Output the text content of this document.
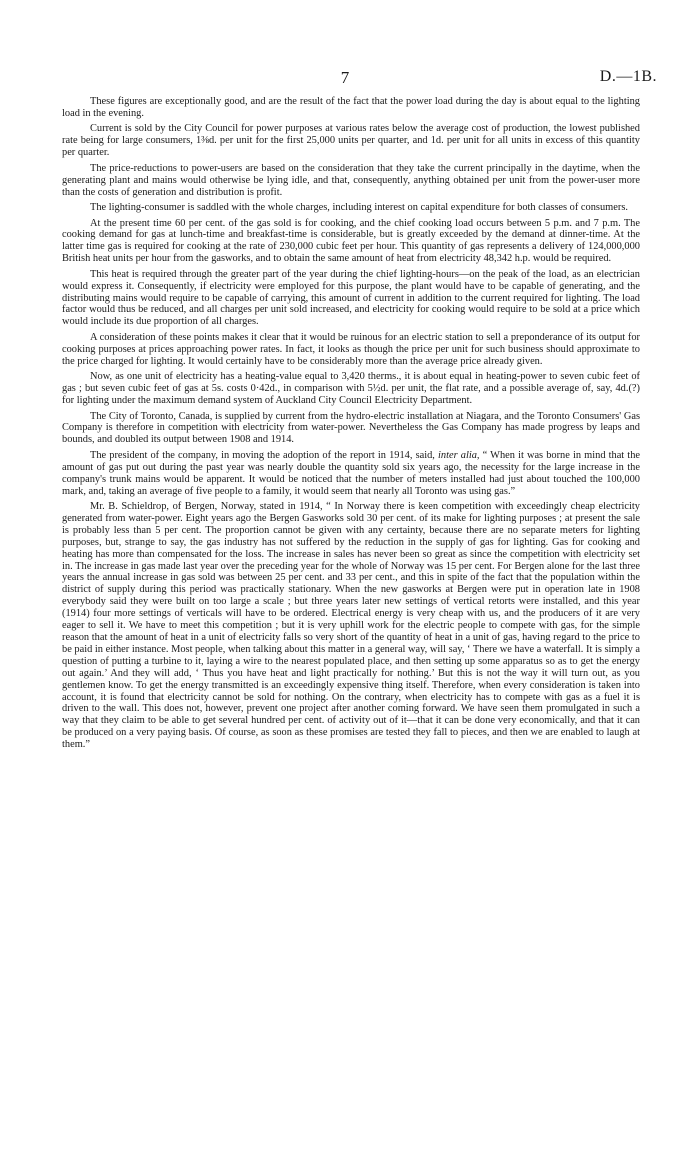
7	D.—1B.

These figures are exceptionally good, and are the result of the fact that the power load during the day is about equal to the lighting load in the evening.

Current is sold by the City Council for power purposes at various rates below the average cost of production, the lowest published rate being for large consumers, 1⅜d. per unit for the first 25,000 units per quarter, and 1d. per unit for all units in excess of this quantity per quarter.

The price-reductions to power-users are based on the consideration that they take the current principally in the daytime, when the generating plant and mains would otherwise be lying idle, and that, consequently, anything obtained per unit from the power-user more than the costs of generation and distribution is profit.

The lighting-consumer is saddled with the whole charges, including interest on capital expenditure for both classes of consumers.

At the present time 60 per cent. of the gas sold is for cooking, and the chief cooking load occurs between 5 p.m. and 7 p.m. The cooking demand for gas at lunch-time and breakfast-time is considerable, but is greatly exceeded by the demand at dinner-time. At the latter time gas is required for cooking at the rate of 230,000 cubic feet per hour. This quantity of gas represents a delivery of 124,000,000 British heat units per hour from the gasworks, and to obtain the same amount of heat from electricity 48,342 h.p. would be required.

This heat is required through the greater part of the year during the chief lighting-hours—on the peak of the load, as an electrician would express it. Consequently, if electricity were employed for this purpose, the plant would have to be capable of generating, and the distributing mains would require to be capable of carrying, this amount of current in addition to the current required for lighting. The load factor would thus be reduced, and all charges per unit sold increased, and electricity for cooking would require to be sold at a price which would include its due proportion of all charges.

A consideration of these points makes it clear that it would be ruinous for an electric station to sell a preponderance of its output for cooking purposes at prices approaching power rates. In fact, it looks as though the price per unit for such business should approximate to the price charged for lighting. It would certainly have to be considerably more than the average price already given.

Now, as one unit of electricity has a heating-value equal to 3,420 therms., it is about equal in heating-power to seven cubic feet of gas ; but seven cubic feet of gas at 5s. costs 0·42d., in comparison with 5½d. per unit, the flat rate, and a possible average of, say, 4d.(?) for lighting under the maximum demand system of Auckland City Council Electricity Department.

The City of Toronto, Canada, is supplied by current from the hydro-electric installation at Niagara, and the Toronto Consumers' Gas Company is therefore in competition with electricity from water-power. Nevertheless the Gas Company has made progress by leaps and bounds, and doubled its output between 1908 and 1914.

The president of the company, in moving the adoption of the report in 1914, said, inter alia, “ When it was borne in mind that the amount of gas put out during the past year was nearly double the quantity sold six years ago, the necessity for the large increase in the company's trunk mains would be apparent. It would be noticed that the number of meters installed had just about touched the 100,000 mark, and, taking an average of five people to a family, it would seem that nearly all Toronto was using gas.”

Mr. B. Schieldrop, of Bergen, Norway, stated in 1914, “ In Norway there is keen competition with exceedingly cheap electricity generated from water-power. Eight years ago the Bergen Gasworks sold 30 per cent. of its make for lighting purposes ; at present the sale is probably less than 5 per cent. The proportion cannot be given with any certainty, because there are no separate meters for lighting purposes, but, strange to say, the gas industry has not suffered by the reduction in the supply of gas for lighting. Gas for cooking and heating has more than compensated for the loss. The increase in sales has never been so great as since the competition with electricity set in. The increase in gas made last year over the preceding year for the whole of Norway was 15 per cent. For Bergen alone for the last three years the annual increase in gas sold was between 25 per cent. and 33 per cent., and this in spite of the fact that the population within the district of supply during this period was practically stationary. When the new gasworks at Bergen were put in operation late in 1908 everybody said they were built on too large a scale ; but three years later new settings of vertical retorts were installed, and this year (1914) four more settings of verticals will have to be ordered. Electrical energy is very cheap with us, and the producers of it are very eager to sell it. We have to meet this competition ; but it is very uphill work for the electric people to compete with gas, for the simple reason that the amount of heat in a unit of electricity falls so very short of the quantity of heat in a unit of gas, having regard to the price to be paid in either instance. Most people, when talking about this matter in a general way, will say, ‘ There we have a waterfall. It is simply a question of putting a turbine to it, laying a wire to the nearest populated place, and then setting up some apparatus so as to get the energy out again.’ And they will add, ‘ Thus you have heat and light practically for nothing.’ But this is not the way it will turn out, as you gentlemen know. To get the energy transmitted is an exceedingly expensive thing itself. Therefore, when every consideration is taken into account, it is found that electricity cannot be sold for nothing. On the contrary, when electricity has to compete with gas as a fuel it is driven to the wall. This does not, however, prevent one project after another coming forward. We have seen them promulgated in such a way that they claim to be able to get several hundred per cent. of activity out of it—that it can be done very economically, and that it can be produced on a very paying basis. Of course, as soon as these promises are tested they fall to pieces, and then we are enabled to laugh at them.”
